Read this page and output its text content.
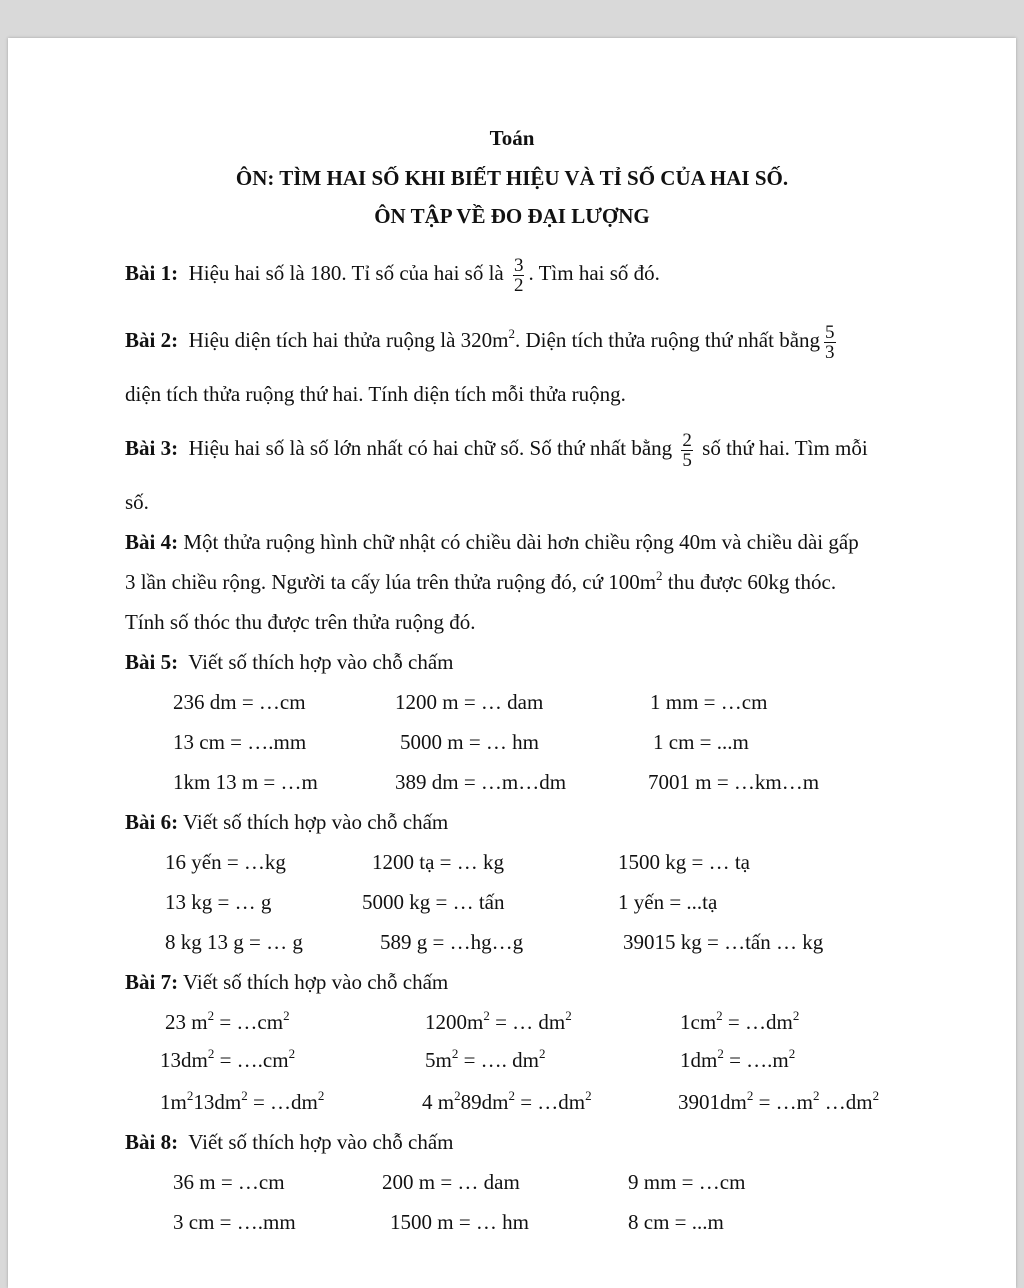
Toán
ÔN: TÌM HAI SỐ KHI BIẾT HIỆU VÀ TỈ SỐ CỦA HAI SỐ.
ÔN TẬP VỀ ĐO ĐẠI LƯỢNG
Bài 1: Hiệu hai số là 180. Tỉ số của hai số là $\frac{3}{2}$ . Tìm hai số đó.
Bài 2: Hiệu diện tích hai thửa ruộng là $320m^2$. Diện tích thửa ruộng thứ nhất bằng $\frac{5}{3}$
diện tích thửa ruộng thứ hai. Tính diện tích mỗi thửa ruộng.
Bài 3: Hiệu hai số là số lớn nhất có hai chữ số. Số thứ nhất bằng $\frac{2}{5}$ số thứ hai. Tìm mỗi
số.
Bài 4: Một thửa ruộng hình chữ nhật có chiều dài hơn chiều rộng 40m và chiều dài gấp
3 lần chiều rộng. Người ta cấy lúa trên thửa ruộng đó, cứ $100m^2$ thu được 60kg thóc.
Tính số thóc thu được trên thửa ruộng đó.
Bài 5: Viết số thích hợp vào chỗ chấm
236 dm = …cm	1200 m = … dam	1 mm = …cm
13 cm = ….mm	5000 m = … hm	1 cm = ...m
1km 13 m = …m	389 dm = …m…dm	7001 m = …km…m
Bài 6: Viết số thích hợp vào chỗ chấm
16 yến = …kg	1200 tạ = … kg	1500 kg = … tạ
13 kg = … g	5000 kg = … tấn	1 yến = ...tạ
8 kg 13 g = … g	589 g = …hg…g	39015 kg = …tấn … kg
Bài 7: Viết số thích hợp vào chỗ chấm
23 $m^2$ = $\dots cm^2$	$1200m^2$ = … $dm^2$	$1cm^2$ = $\dots dm^2$
$13dm^2$ = $\dots.cm^2$	$5m^2$ = …. $dm^2$	$1dm^2$ = $\dots.m^2$
$1m^213dm^2$ = $\dots dm^2$	4 $m^289dm^2$ = $\dots dm^2$	$3901dm^2$ = $\dots m^2$ $\dots dm^2$
Bài 8: Viết số thích hợp vào chỗ chấm
36 m = …cm	200 m = … dam	9 mm = …cm
3 cm = ….mm	1500 m = … hm	8 cm = ...m
